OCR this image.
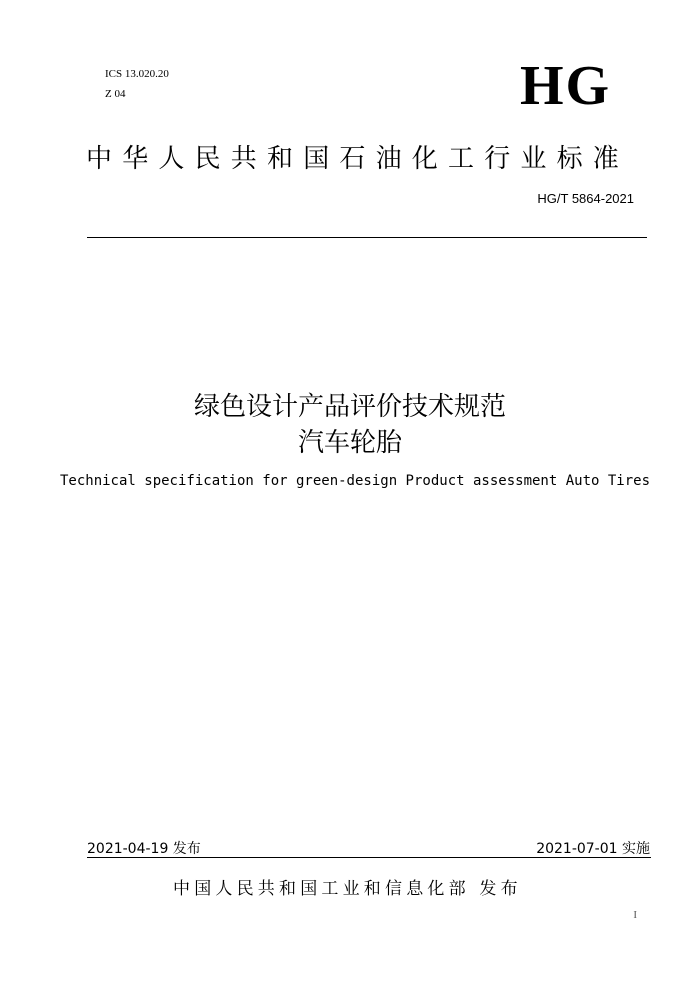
ICS 13.020.20
Z 04	HG
中华人民共和国石油化工行业标准
HG/T 5864-2021
绿色设计产品评价技术规范
汽车轮胎
Technical specification for green-design Product assessment Auto Tires
2021-04-19 发布	2021-07-01 实施
中国人民共和国工业和信息化部 发布
I
